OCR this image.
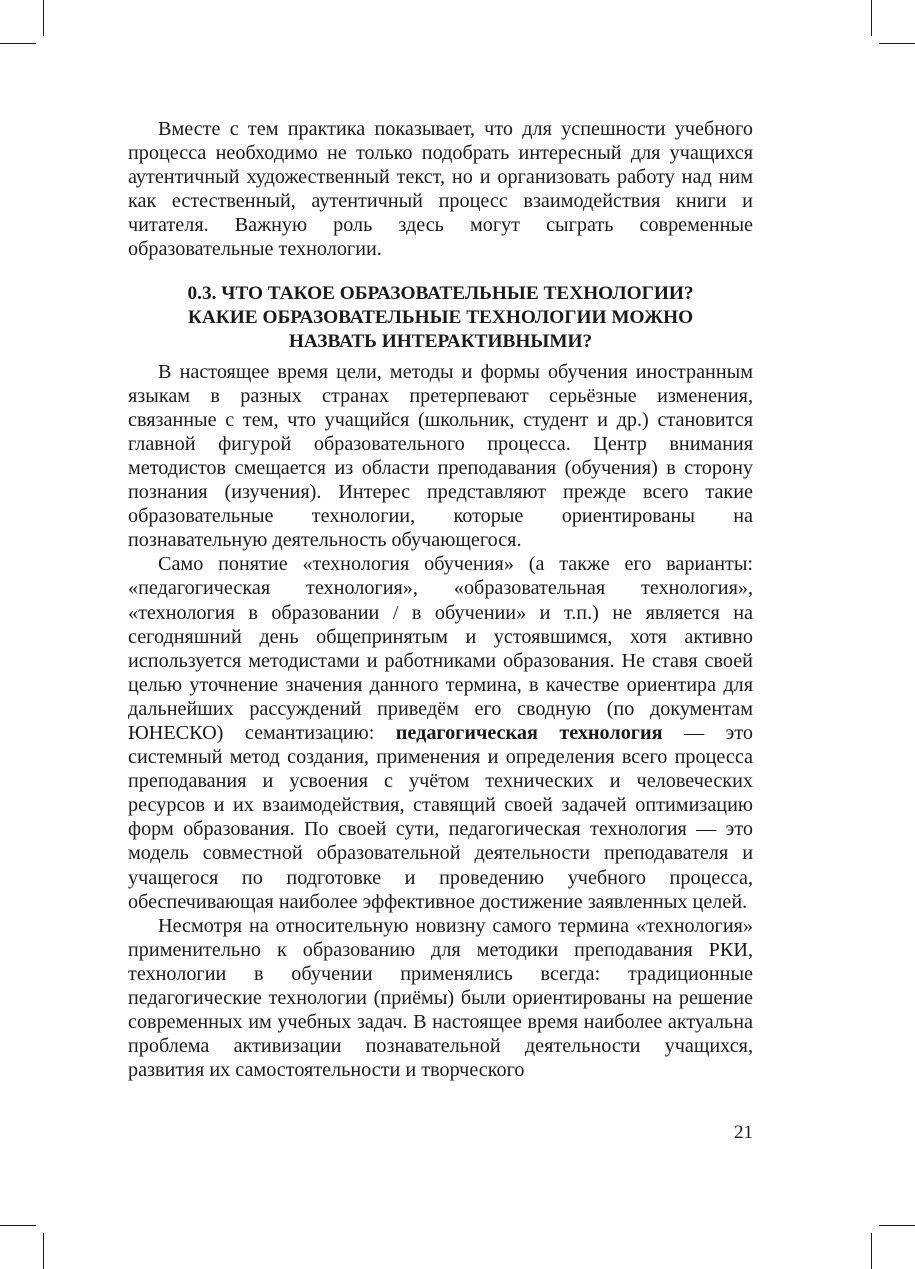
Вместе с тем практика показывает, что для успешности учебного процесса необходимо не только подобрать интересный для учащихся аутентичный художественный текст, но и организовать работу над ним как естественный, аутентичный процесс взаимодействия книги и читателя. Важную роль здесь могут сыграть современные образовательные технологии.

0.3. ЧТО ТАКОЕ ОБРАЗОВАТЕЛЬНЫЕ ТЕХНОЛОГИИ?
КАКИЕ ОБРАЗОВАТЕЛЬНЫЕ ТЕХНОЛОГИИ МОЖНО
НАЗВАТЬ ИНТЕРАКТИВНЫМИ?

В настоящее время цели, методы и формы обучения иностранным языкам в разных странах претерпевают серьёзные изменения, связанные с тем, что учащийся (школьник, студент и др.) становится главной фигурой образовательного процесса. Центр внимания методистов смещается из области преподавания (обучения) в сторону познания (изучения). Интерес представляют прежде всего такие образовательные технологии, которые ориентированы на познавательную деятельность обучающегося.

Само понятие «технология обучения» (а также его варианты: «педагогическая технология», «образовательная технология», «технология в образовании / в обучении» и т.п.) не является на сегодняшний день общепринятым и устоявшимся, хотя активно используется методистами и работниками образования. Не ставя своей целью уточнение значения данного термина, в качестве ориентира для дальнейших рассуждений приведём его сводную (по документам ЮНЕСКО) семантизацию: педагогическая технология — это системный метод создания, применения и определения всего процесса преподавания и усвоения с учётом технических и человеческих ресурсов и их взаимодействия, ставящий своей задачей оптимизацию форм образования. По своей сути, педагогическая технология — это модель совместной образовательной деятельности преподавателя и учащегося по подготовке и проведению учебного процесса, обеспечивающая наиболее эффективное достижение заявленных целей.

Несмотря на относительную новизну самого термина «технология» применительно к образованию для методики преподавания РКИ, технологии в обучении применялись всегда: традиционные педагогические технологии (приёмы) были ориентированы на решение современных им учебных задач. В настоящее время наиболее актуальна проблема активизации познавательной деятельности учащихся, развития их самостоятельности и творческого

21
